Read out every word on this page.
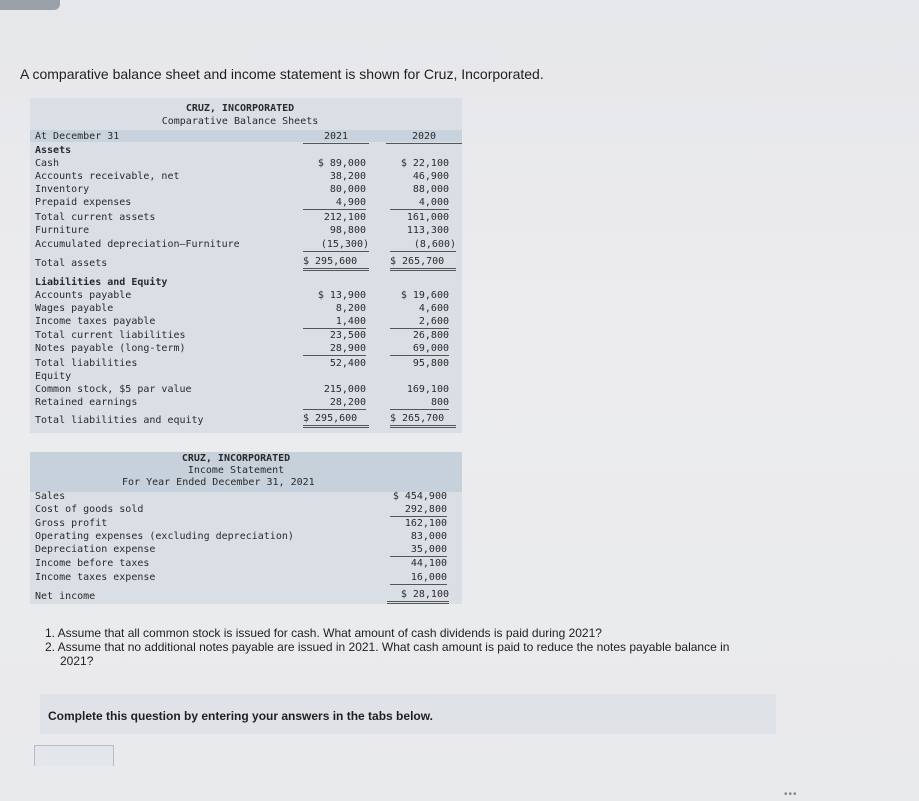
A comparative balance sheet and income statement is shown for Cruz, Incorporated.
CRUZ, INCORPORATED
Comparative Balance Sheets
At December 31	2021	2020
Assets
Cash	$ 89,000	$ 22,100
Accounts receivable, net	38,200	46,900
Inventory	80,000	88,000
Prepaid expenses	4,900	4,000
Total current assets	212,100	161,000
Furniture	98,800	113,300
Accumulated depreciation—Furniture	(15,300)	(8,600)
Total assets	$ 295,600	$ 265,700
Liabilities and Equity
Accounts payable	$ 13,900	$ 19,600
Wages payable	8,200	4,600
Income taxes payable	1,400	2,600
Total current liabilities	23,500	26,800
Notes payable (long-term)	28,900	69,000
Total liabilities	52,400	95,800
Equity
Common stock, $5 par value	215,000	169,100
Retained earnings	28,200	800
Total liabilities and equity	$ 295,600	$ 265,700
CRUZ, INCORPORATED
Income Statement
For Year Ended December 31, 2021
Sales	$ 454,900
Cost of goods sold	292,800
Gross profit	162,100
Operating expenses (excluding depreciation)	83,000
Depreciation expense	35,000
Income before taxes	44,100
Income taxes expense	16,000
Net income	$ 28,100
1. Assume that all common stock is issued for cash. What amount of cash dividends is paid during 2021?
2. Assume that no additional notes payable are issued in 2021. What cash amount is paid to reduce the notes payable balance in
2021?
Complete this question by entering your answers in the tabs below.
•••
